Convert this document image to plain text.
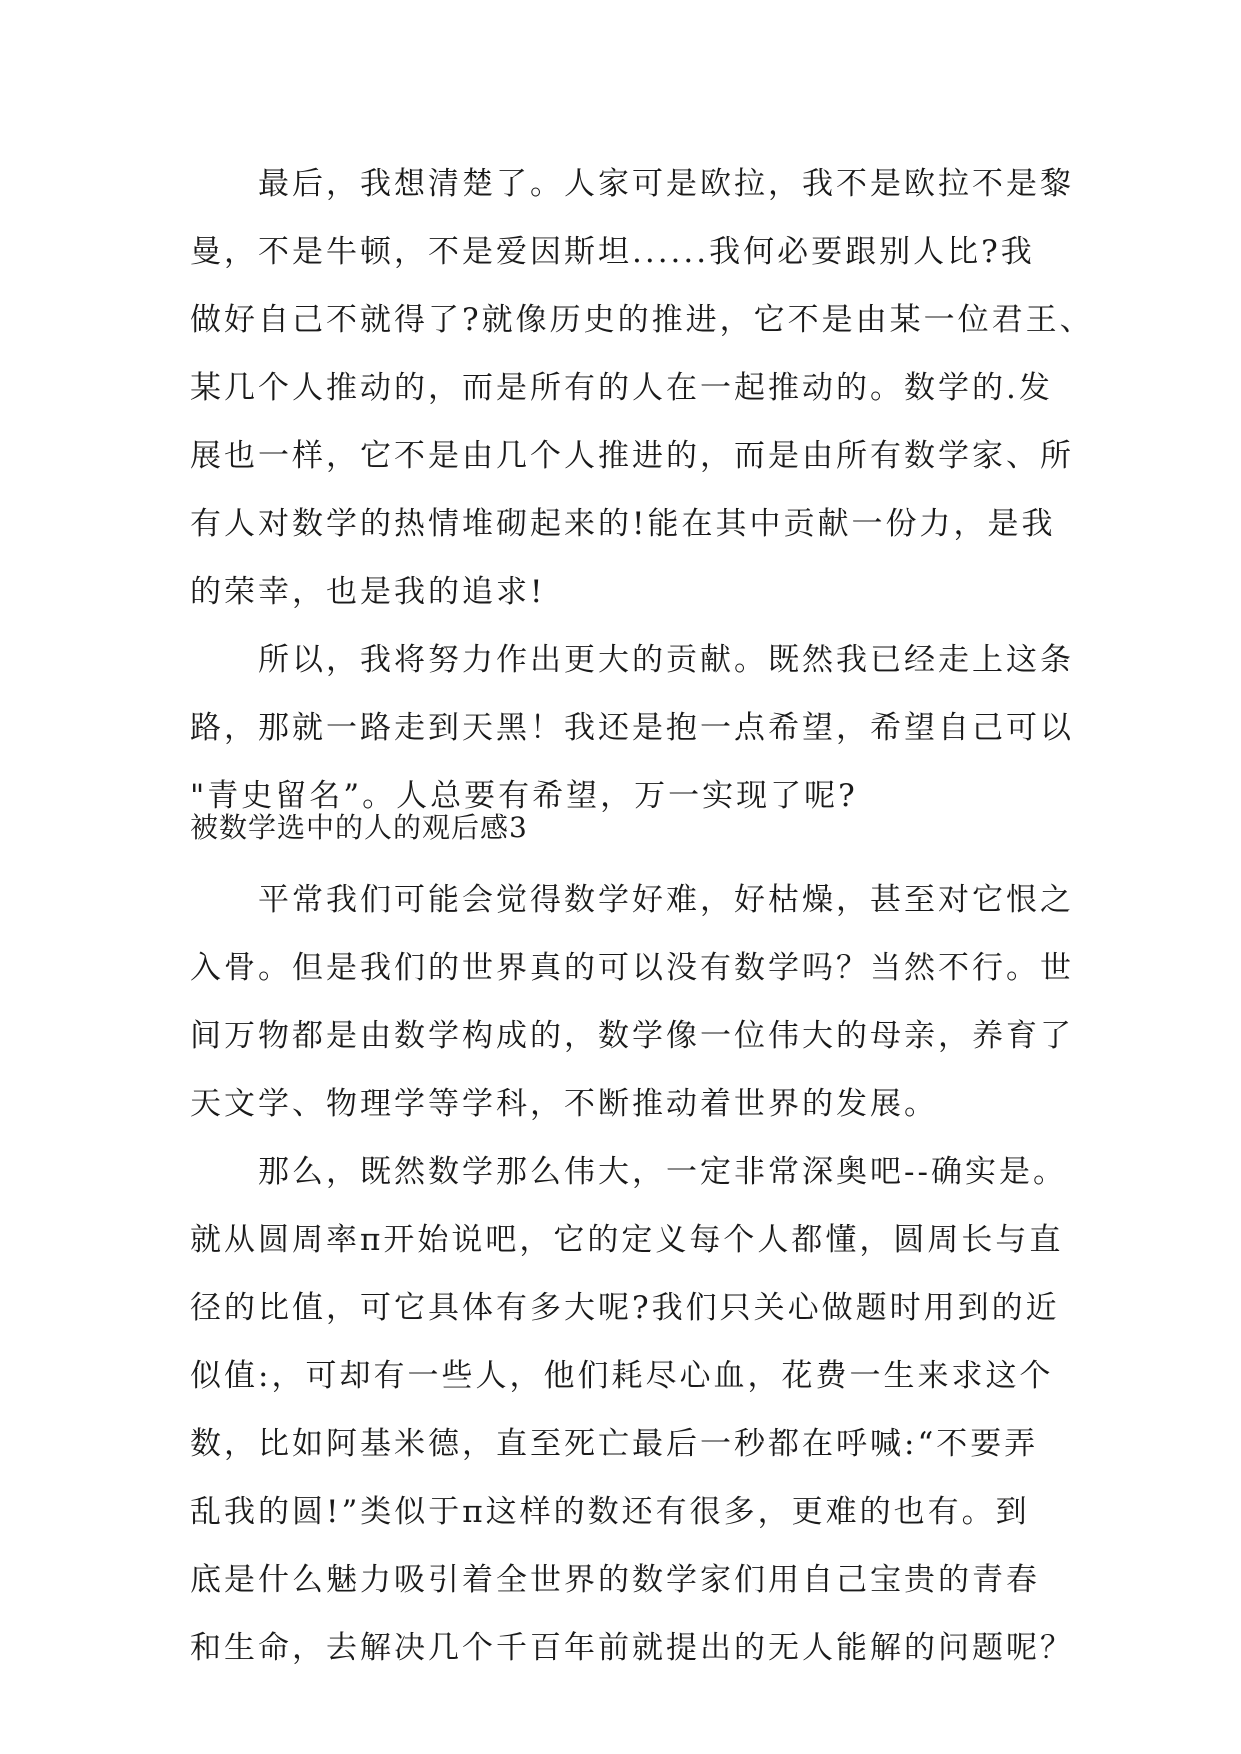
　　最后，我想清楚了。人家可是欧拉，我不是欧拉不是黎
曼，不是牛顿，不是爱因斯坦......我何必要跟别人比?我
做好自己不就得了?就像历史的推进，它不是由某一位君王、
某几个人推动的，而是所有的人在一起推动的。数学的.发
展也一样，它不是由几个人推进的，而是由所有数学家、所
有人对数学的热情堆砌起来的!能在其中贡献一份力，是我
的荣幸，也是我的追求!
　　所以，我将努力作出更大的贡献。既然我已经走上这条
路，那就一路走到天黑！我还是抱一点希望，希望自己可以
"青史留名”。人总要有希望，万一实现了呢?
被数学选中的人的观后感3
　　平常我们可能会觉得数学好难，好枯燥，甚至对它恨之
入骨。但是我们的世界真的可以没有数学吗？当然不行。世
间万物都是由数学构成的，数学像一位伟大的母亲，养育了
天文学、物理学等学科，不断推动着世界的发展。
　　那么，既然数学那么伟大，一定非常深奥吧--确实是。
就从圆周率π开始说吧，它的定义每个人都懂，圆周长与直
径的比值，可它具体有多大呢?我们只关心做题时用到的近
似值:，可却有一些人，他们耗尽心血，花费一生来求这个
数，比如阿基米德，直至死亡最后一秒都在呼喊:“不要弄
乱我的圆!”类似于π这样的数还有很多，更难的也有。到
底是什么魅力吸引着全世界的数学家们用自己宝贵的青春
和生命，去解决几个千百年前就提出的无人能解的问题呢？
